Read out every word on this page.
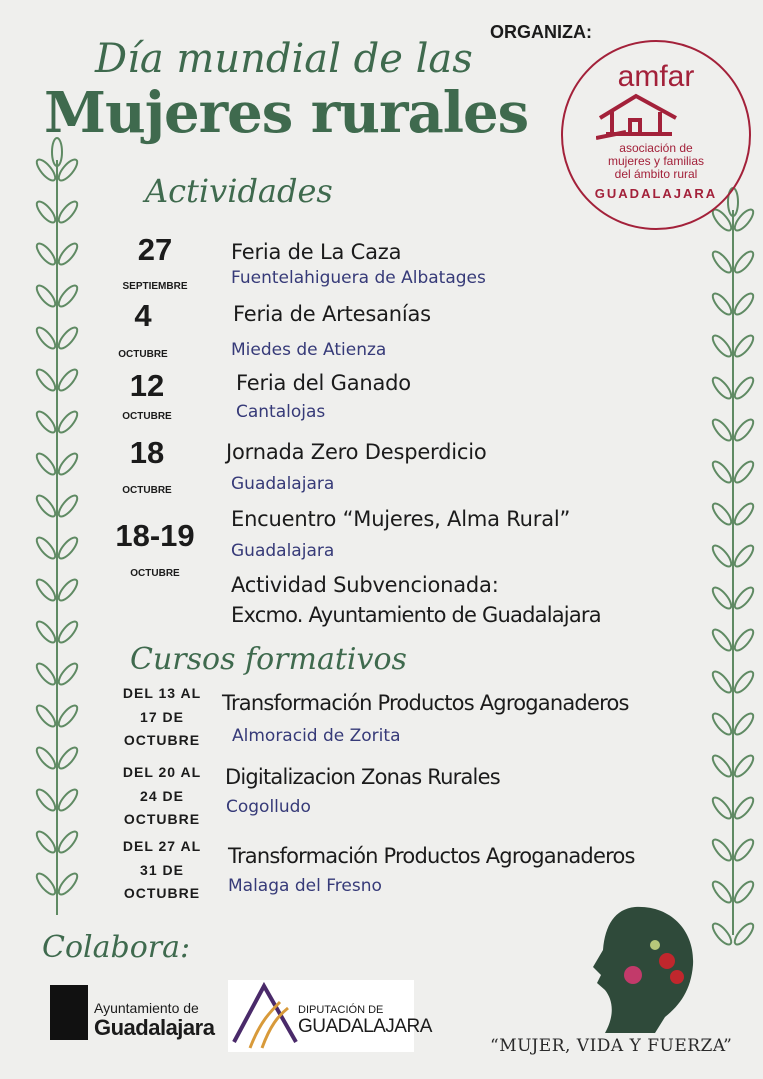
Día mundial de las
Mujeres rurales
ORGANIZA:
amfar
asociación de
mujeres y familias
del ámbito rural
GUADALAJARA
Actividades
27
SEPTIEMBRE
Feria de La Caza
Fuentelahiguera de Albatages
4
OCTUBRE
Feria de Artesanías
Miedes de Atienza
12
OCTUBRE
Feria del Ganado
Cantalojas
18
OCTUBRE
Jornada Zero Desperdicio
Guadalajara
18-19
OCTUBRE
Encuentro “Mujeres, Alma Rural”
Guadalajara
Actividad Subvencionada:
Excmo. Ayuntamiento de Guadalajara
Cursos formativos
DEL 13 AL
17 DE
OCTUBRE
Transformación Productos Agroganaderos
Almoracid de Zorita
DEL 20 AL
24 DE
OCTUBRE
Digitalizacion Zonas Rurales
Cogolludo
DEL 27 AL
31 DE
OCTUBRE
Transformación Productos Agroganaderos
Malaga del Fresno
Colabora:
Ayuntamiento de
Guadalajara
DIPUTACIÓN DE
GUADALAJARA
“MUJER, VIDA Y FUERZA”
